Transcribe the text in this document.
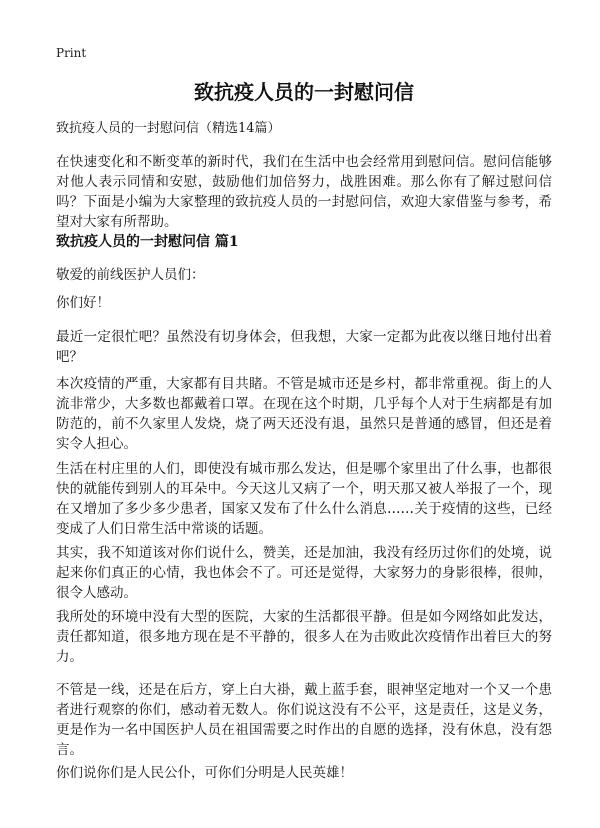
Print
致抗疫人员的一封慰问信

致抗疫人员的一封慰问信（精选14篇）

在快速变化和不断变革的新时代，我们在生活中也会经常用到慰问信。慰问信能够对他人表示同情和安慰，鼓励他们加倍努力，战胜困难。那么你有了解过慰问信吗？下面是小编为大家整理的致抗疫人员的一封慰问信，欢迎大家借鉴与参考，希望对大家有所帮助。

致抗疫人员的一封慰问信 篇1

敬爱的前线医护人员们：

你们好！

最近一定很忙吧？虽然没有切身体会，但我想，大家一定都为此夜以继日地付出着吧？

本次疫情的严重，大家都有目共睹。不管是城市还是乡村，都非常重视。街上的人流非常少，大多数也都戴着口罩。在现在这个时期，几乎每个人对于生病都是有加防范的，前不久家里人发烧，烧了两天还没有退，虽然只是普通的感冒，但还是着实令人担心。

生活在村庄里的人们，即使没有城市那么发达，但是哪个家里出了什么事，也都很快的就能传到别人的耳朵中。今天这儿又病了一个，明天那又被人举报了一个，现在又增加了多少多少患者，国家又发布了什么什么消息……关于疫情的这些，已经变成了人们日常生活中常谈的话题。

其实，我不知道该对你们说什么，赞美，还是加油，我没有经历过你们的处境，说起来你们真正的心情，我也体会不了。可还是觉得，大家努力的身影很棒，很帅，很令人感动。

我所处的环境中没有大型的医院，大家的生活都很平静。但是如今网络如此发达，责任都知道，很多地方现在是不平静的，很多人在为击败此次疫情作出着巨大的努力。

不管是一线，还是在后方，穿上白大褂，戴上蓝手套，眼神坚定地对一个又一个患者进行观察的你们，感动着无数人。你们说这没有不公平，这是责任，这是义务，更是作为一名中国医护人员在祖国需要之时作出的自愿的选择，没有休息，没有怨言。

你们说你们是人民公仆，可你们分明是人民英雄！
